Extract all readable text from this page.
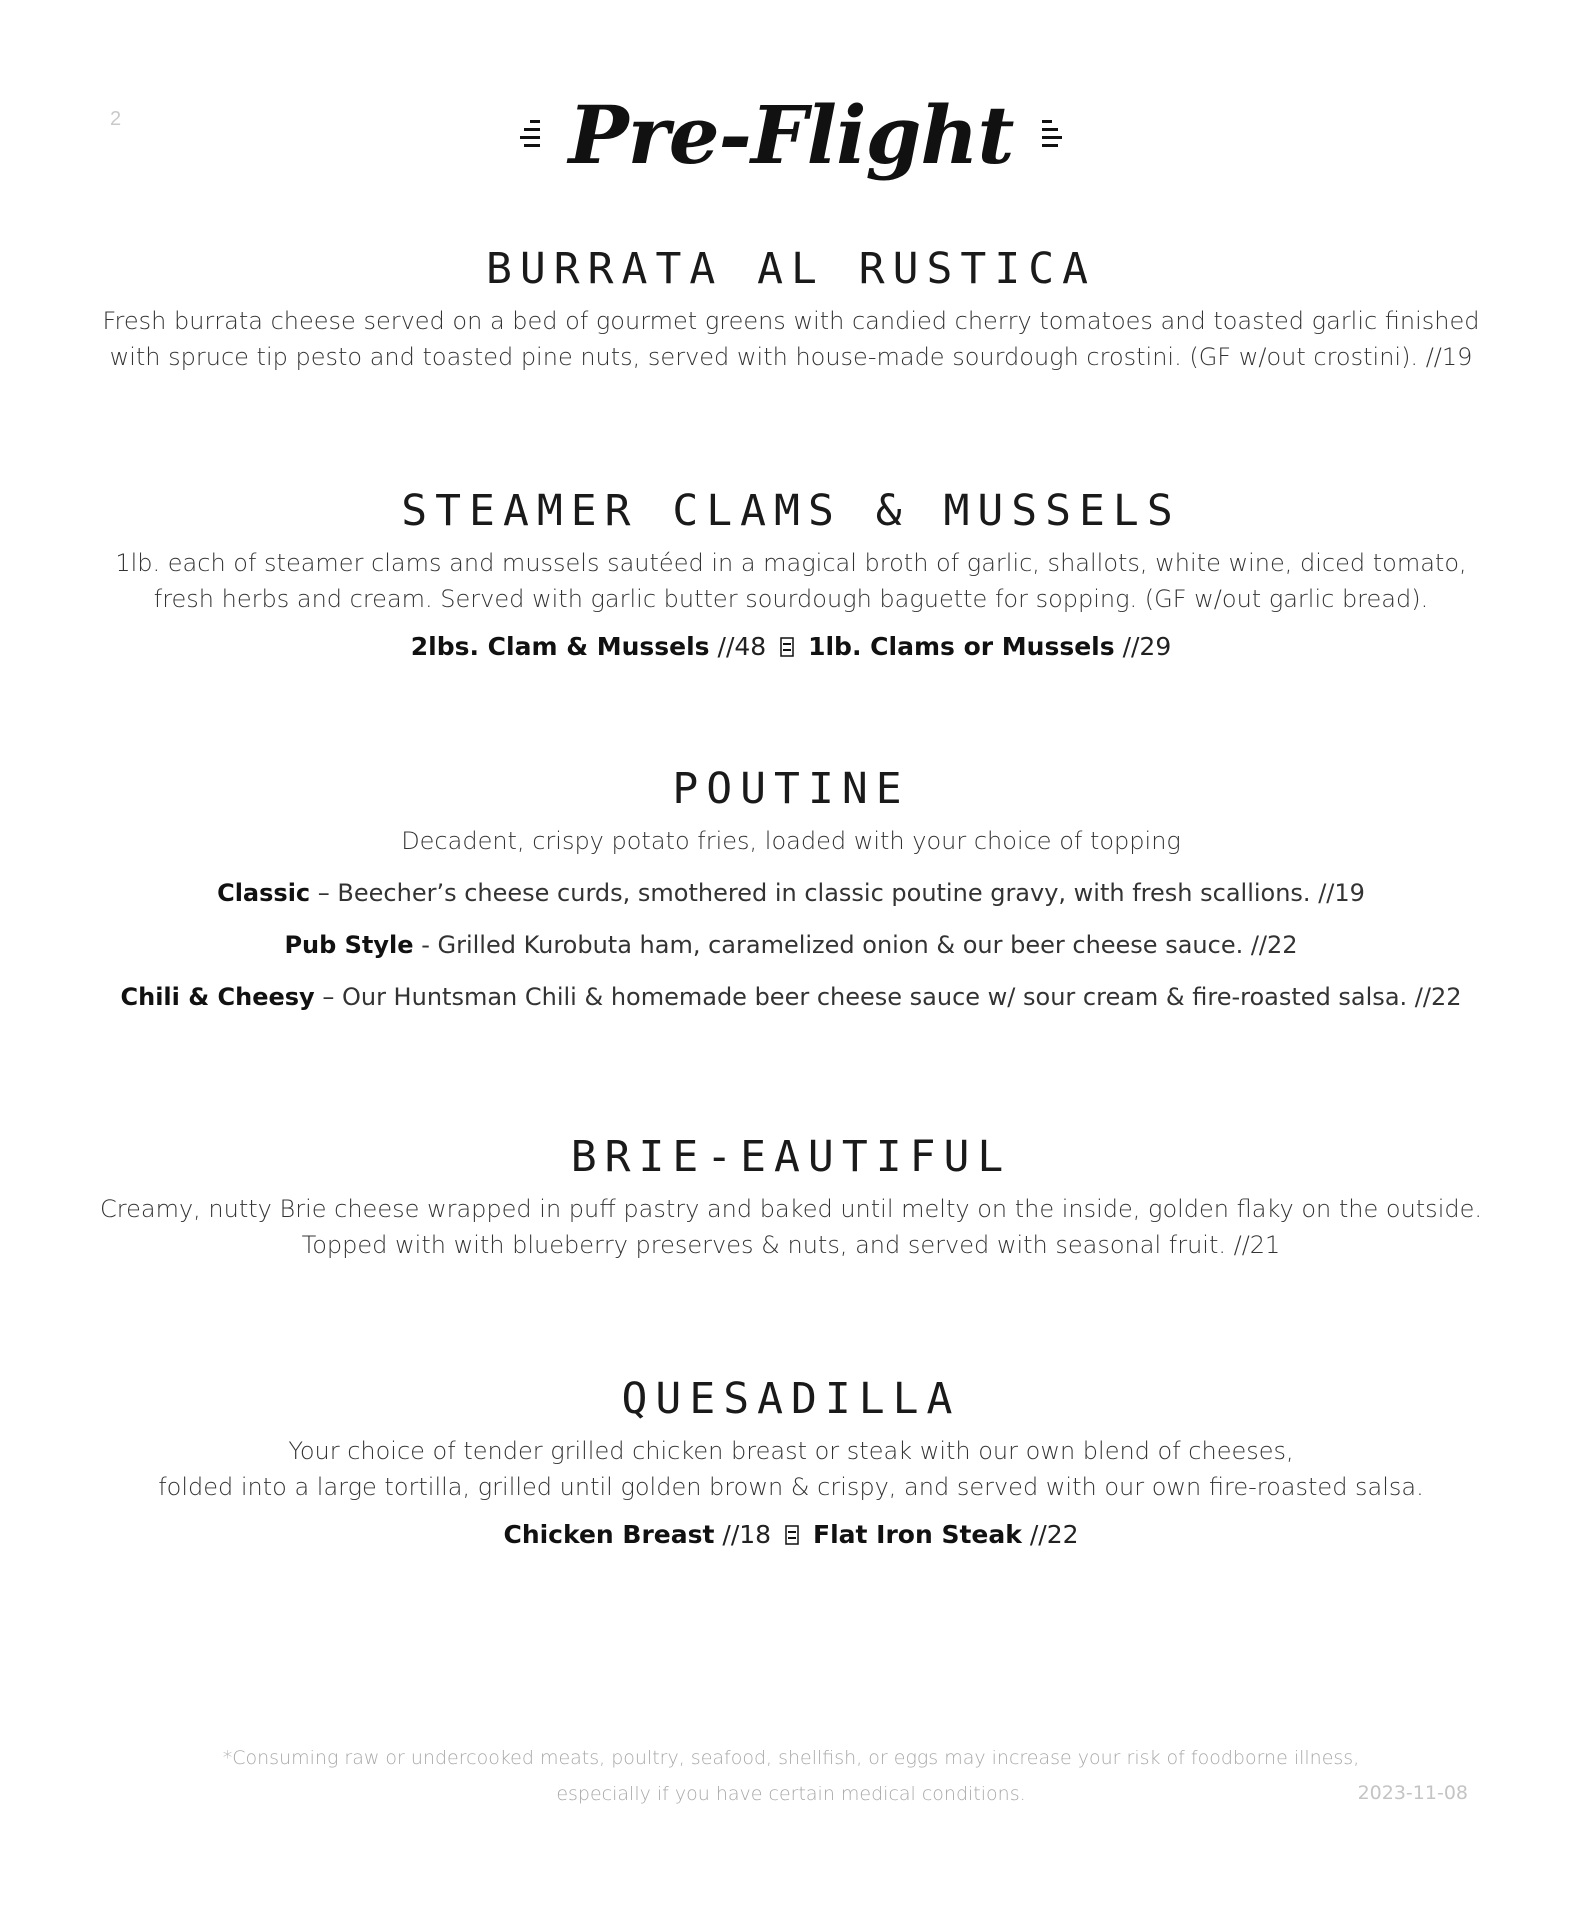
2	Pre-Flight
BURRATA AL RUSTICA
Fresh burrata cheese served on a bed of gourmet greens with candied cherry tomatoes and toasted garlic finished
with spruce tip pesto and toasted pine nuts, served with house-made sourdough crostini. (GF w/out crostini). //19
STEAMER CLAMS & MUSSELS
1lb. each of steamer clams and mussels sautéed in a magical broth of garlic, shallots, white wine, diced tomato,
fresh herbs and cream. Served with garlic butter sourdough baguette for sopping. (GF w/out garlic bread).
2lbs. Clam & Mussels //48 1lb. Clams or Mussels //29
POUTINE
Decadent, crispy potato fries, loaded with your choice of topping
Classic – Beecher’s cheese curds, smothered in classic poutine gravy, with fresh scallions. //19
Pub Style - Grilled Kurobuta ham, caramelized onion & our beer cheese sauce. //22
Chili & Cheesy – Our Huntsman Chili & homemade beer cheese sauce w/ sour cream & fire-roasted salsa. //22
BRIE-EAUTIFUL
Creamy, nutty Brie cheese wrapped in puff pastry and baked until melty on the inside, golden flaky on the outside.
Topped with with blueberry preserves & nuts, and served with seasonal fruit. //21
QUESADILLA
Your choice of tender grilled chicken breast or steak with our own blend of cheeses,
folded into a large tortilla, grilled until golden brown & crispy, and served with our own fire-roasted salsa.
Chicken Breast //18 Flat Iron Steak //22
*Consuming raw or undercooked meats, poultry, seafood, shellfish, or eggs may increase your risk of foodborne illness,
especially if you have certain medical conditions.	2023-11-08
